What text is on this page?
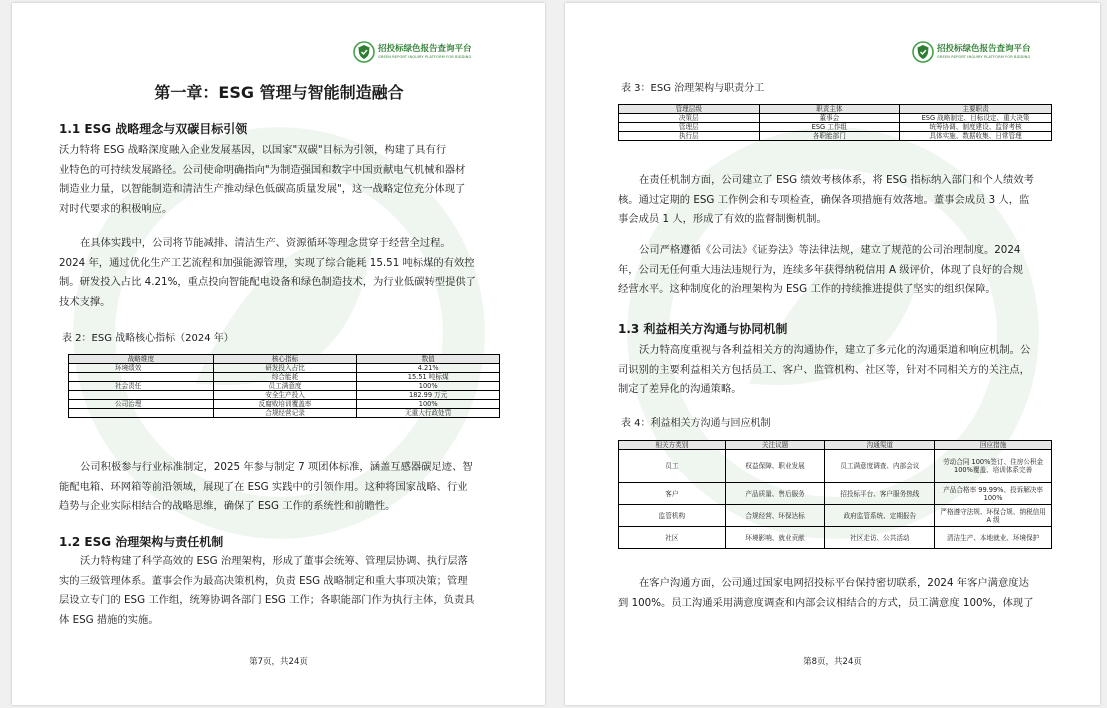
招投标绿色报告查询平台
GREEN REPORT INQUIRY PLATFORM FOR BIDDING
第一章：ESG 管理与智能制造融合
1.1 ESG 战略理念与双碳目标引领
沃力特将 ESG 战略深度融入企业发展基因，以国家"双碳"目标为引领，构建了具有行
业特色的可持续发展路径。公司使命明确指向"为制造强国和数字中国贡献电气机械和器材
制造业力量，以智能制造和清洁生产推动绿色低碳高质量发展"，这一战略定位充分体现了
对时代要求的积极响应。
在具体实践中，公司将节能减排、清洁生产、资源循环等理念贯穿于经营全过程。
2024 年，通过优化生产工艺流程和加强能源管理，实现了综合能耗 15.51 吨标煤的有效控
制。研发投入占比 4.21%，重点投向智能配电设备和绿色制造技术，为行业低碳转型提供了
技术支撑。
表 2：ESG 战略核心指标（2024 年）
战略维度	核心指标	数值
环境绩效	研发投入占比	4.21%
	综合能耗	15.51 吨标煤
社会责任	员工满意度	100%
	安全生产投入	182.99 万元
公司治理	反腐败培训覆盖率	100%
	合规经营记录	无重大行政处罚
公司积极参与行业标准制定，2025 年参与制定 7 项团体标准，涵盖互感器碳足迹、智
能配电箱、环网箱等前沿领域，展现了在 ESG 实践中的引领作用。这种将国家战略、行业
趋势与企业实际相结合的战略思维，确保了 ESG 工作的系统性和前瞻性。
1.2 ESG 治理架构与责任机制
沃力特构建了科学高效的 ESG 治理架构，形成了董事会统筹、管理层协调、执行层落
实的三级管理体系。董事会作为最高决策机构，负责 ESG 战略制定和重大事项决策；管理
层设立专门的 ESG 工作组，统筹协调各部门 ESG 工作；各职能部门作为执行主体，负责具
体 ESG 措施的实施。
第7页，共24页
招投标绿色报告查询平台
GREEN REPORT INQUIRY PLATFORM FOR BIDDING
表 3：ESG 治理架构与职责分工
管理层级	职责主体	主要职责
决策层	董事会	ESG 战略制定、目标设定、重大决策
管理层	ESG 工作组	统筹协调、制度建设、监督考核
执行层	各职能部门	具体实施、数据收集、日常管理
在责任机制方面，公司建立了 ESG 绩效考核体系，将 ESG 指标纳入部门和个人绩效考
核。通过定期的 ESG 工作例会和专项检查，确保各项措施有效落地。董事会成员 3 人，监
事会成员 1 人，形成了有效的监督制衡机制。
公司严格遵循《公司法》《证券法》等法律法规，建立了规范的公司治理制度。2024
年，公司无任何重大违法违规行为，连续多年获得纳税信用 A 级评价，体现了良好的合规
经营水平。这种制度化的治理架构为 ESG 工作的持续推进提供了坚实的组织保障。
1.3 利益相关方沟通与协同机制
沃力特高度重视与各利益相关方的沟通协作，建立了多元化的沟通渠道和响应机制。公
司识别的主要利益相关方包括员工、客户、监管机构、社区等，针对不同相关方的关注点，
制定了差异化的沟通策略。
表 4：利益相关方沟通与回应机制
相关方类别	关注议题	沟通渠道	回应措施
员工	权益保障、职业发展	员工满意度调查、内部会议	劳动合同 100%签订、住房公积金 100%覆盖、培训体系完善
客户	产品质量、售后服务	招投标平台、客户服务热线	产品合格率 99.99%、投诉解决率 100%
监管机构	合规经营、环保达标	政府监管系统、定期报告	严格遵守法规、环保合规、纳税信用 A 级
社区	环境影响、就业贡献	社区走访、公共活动	清洁生产、本地就业、环境保护
在客户沟通方面，公司通过国家电网招投标平台保持密切联系，2024 年客户满意度达
到 100%。员工沟通采用满意度调查和内部会议相结合的方式，员工满意度 100%，体现了
第8页，共24页
